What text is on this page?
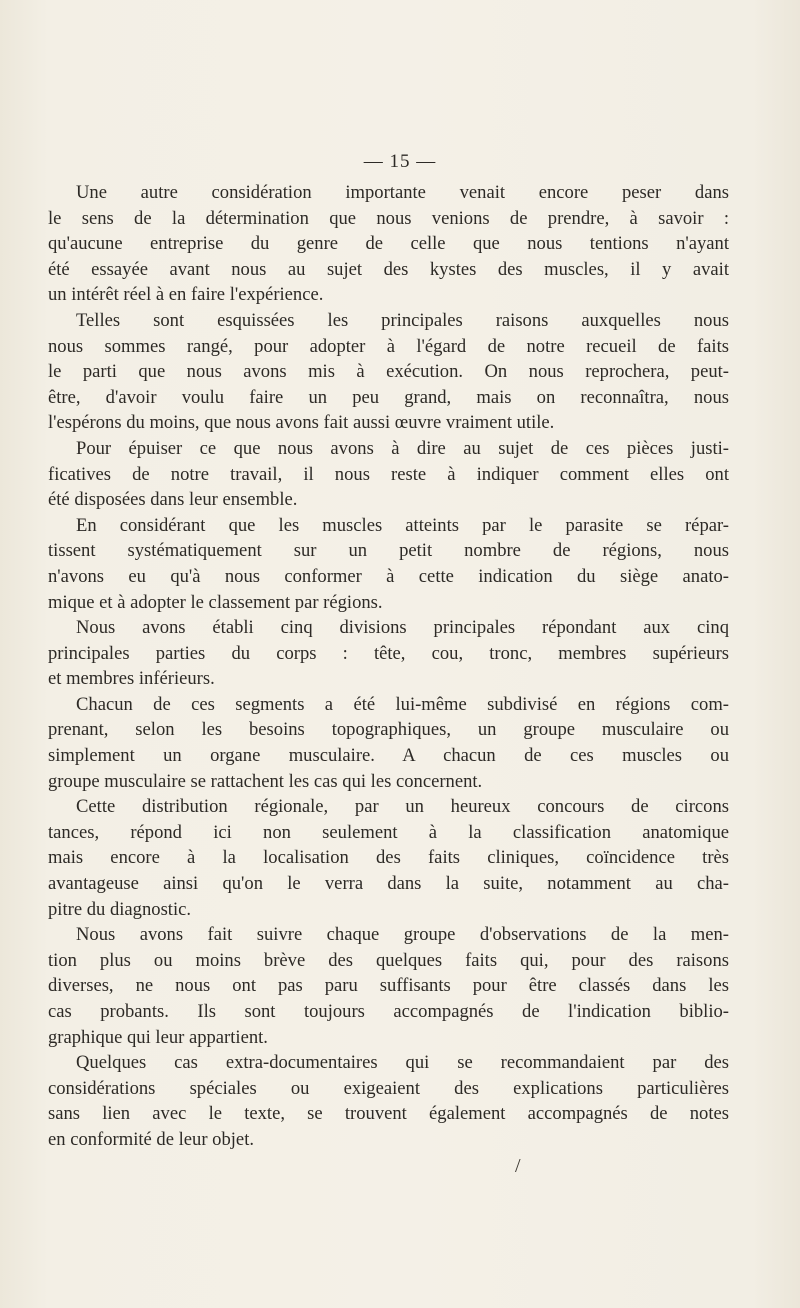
— 15 —
Une autre considération importante venait encore peser dans
le sens de la détermination que nous venions de prendre, à savoir :
qu'aucune entreprise du genre de celle que nous tentions n'ayant
été essayée avant nous au sujet des kystes des muscles, il y avait
un intérêt réel à en faire l'expérience.
Telles sont esquissées les principales raisons auxquelles nous
nous sommes rangé, pour adopter à l'égard de notre recueil de faits
le parti que nous avons mis à exécution. On nous reprochera, peut-
être, d'avoir voulu faire un peu grand, mais on reconnaîtra, nous
l'espérons du moins, que nous avons fait aussi œuvre vraiment utile.
Pour épuiser ce que nous avons à dire au sujet de ces pièces justi-
ficatives de notre travail, il nous reste à indiquer comment elles ont
été disposées dans leur ensemble.
En considérant que les muscles atteints par le parasite se répar-
tissent systématiquement sur un petit nombre de régions, nous
n'avons eu qu'à nous conformer à cette indication du siège anato-
mique et à adopter le classement par régions.
Nous avons établi cinq divisions principales répondant aux cinq
principales parties du corps : tête, cou, tronc, membres supérieurs
et membres inférieurs.
Chacun de ces segments a été lui-même subdivisé en régions com-
prenant, selon les besoins topographiques, un groupe musculaire ou
simplement un organe musculaire. A chacun de ces muscles ou
groupe musculaire se rattachent les cas qui les concernent.
Cette distribution régionale, par un heureux concours de circons
tances, répond ici non seulement à la classification anatomique
mais encore à la localisation des faits cliniques, coïncidence très
avantageuse ainsi qu'on le verra dans la suite, notamment au cha-
pitre du diagnostic.
Nous avons fait suivre chaque groupe d'observations de la men-
tion plus ou moins brève des quelques faits qui, pour des raisons
diverses, ne nous ont pas paru suffisants pour être classés dans les
cas probants. Ils sont toujours accompagnés de l'indication biblio-
graphique qui leur appartient.
Quelques cas extra-documentaires qui se recommandaient par des
considérations spéciales ou exigeaient des explications particulières
sans lien avec le texte, se trouvent également accompagnés de notes
en conformité de leur objet.
/
